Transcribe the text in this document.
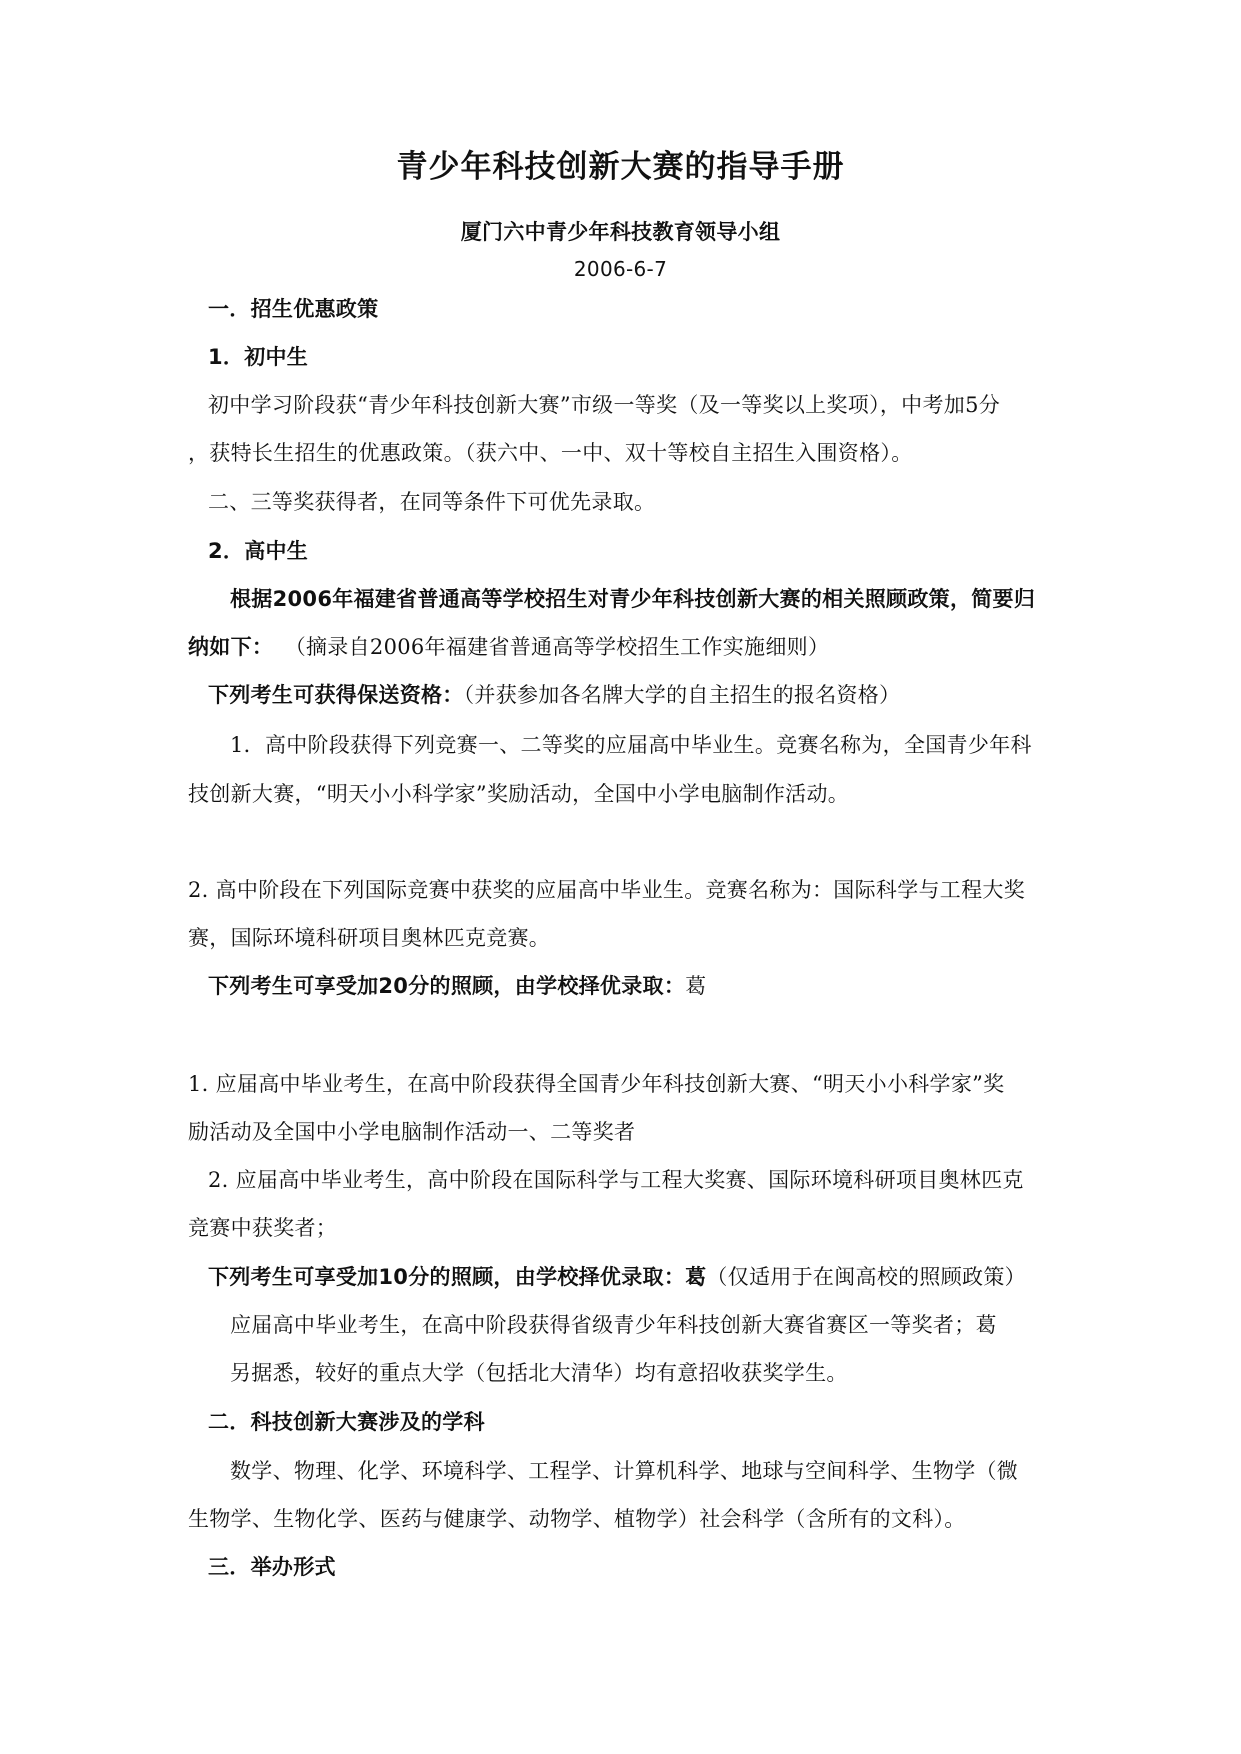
青少年科技创新大赛的指导手册
厦门六中青少年科技教育领导小组
2006-6-7
一．招生优惠政策
1．初中生
初中学习阶段获“青少年科技创新大赛”市级一等奖（及一等奖以上奖项），中考加5分
，获特长生招生的优惠政策。（获六中、一中、双十等校自主招生入围资格）。
二、三等奖获得者，在同等条件下可优先录取。
2．高中生
根据2006年福建省普通高等学校招生对青少年科技创新大赛的相关照顾政策，简要归
纳如下： （摘录自2006年福建省普通高等学校招生工作实施细则）
下列考生可获得保送资格：（并获参加各名牌大学的自主招生的报名资格）
1．高中阶段获得下列竞赛一、二等奖的应届高中毕业生。竞赛名称为，全国青少年科
技创新大赛，“明天小小科学家”奖励活动，全国中小学电脑制作活动。
2. 高中阶段在下列国际竞赛中获奖的应届高中毕业生。竞赛名称为：国际科学与工程大奖
赛，国际环境科研项目奥林匹克竞赛。
下列考生可享受加20分的照顾，由学校择优录取：葛
1. 应届高中毕业考生，在高中阶段获得全国青少年科技创新大赛、“明天小小科学家”奖
励活动及全国中小学电脑制作活动一、二等奖者
2. 应届高中毕业考生，高中阶段在国际科学与工程大奖赛、国际环境科研项目奥林匹克
竞赛中获奖者；
下列考生可享受加10分的照顾，由学校择优录取：葛（仅适用于在闽高校的照顾政策）
应届高中毕业考生，在高中阶段获得省级青少年科技创新大赛省赛区一等奖者；葛
另据悉，较好的重点大学（包括北大清华）均有意招收获奖学生。
二．科技创新大赛涉及的学科
数学、物理、化学、环境科学、工程学、计算机科学、地球与空间科学、生物学（微
生物学、生物化学、医药与健康学、动物学、植物学）社会科学（含所有的文科）。
三．举办形式
